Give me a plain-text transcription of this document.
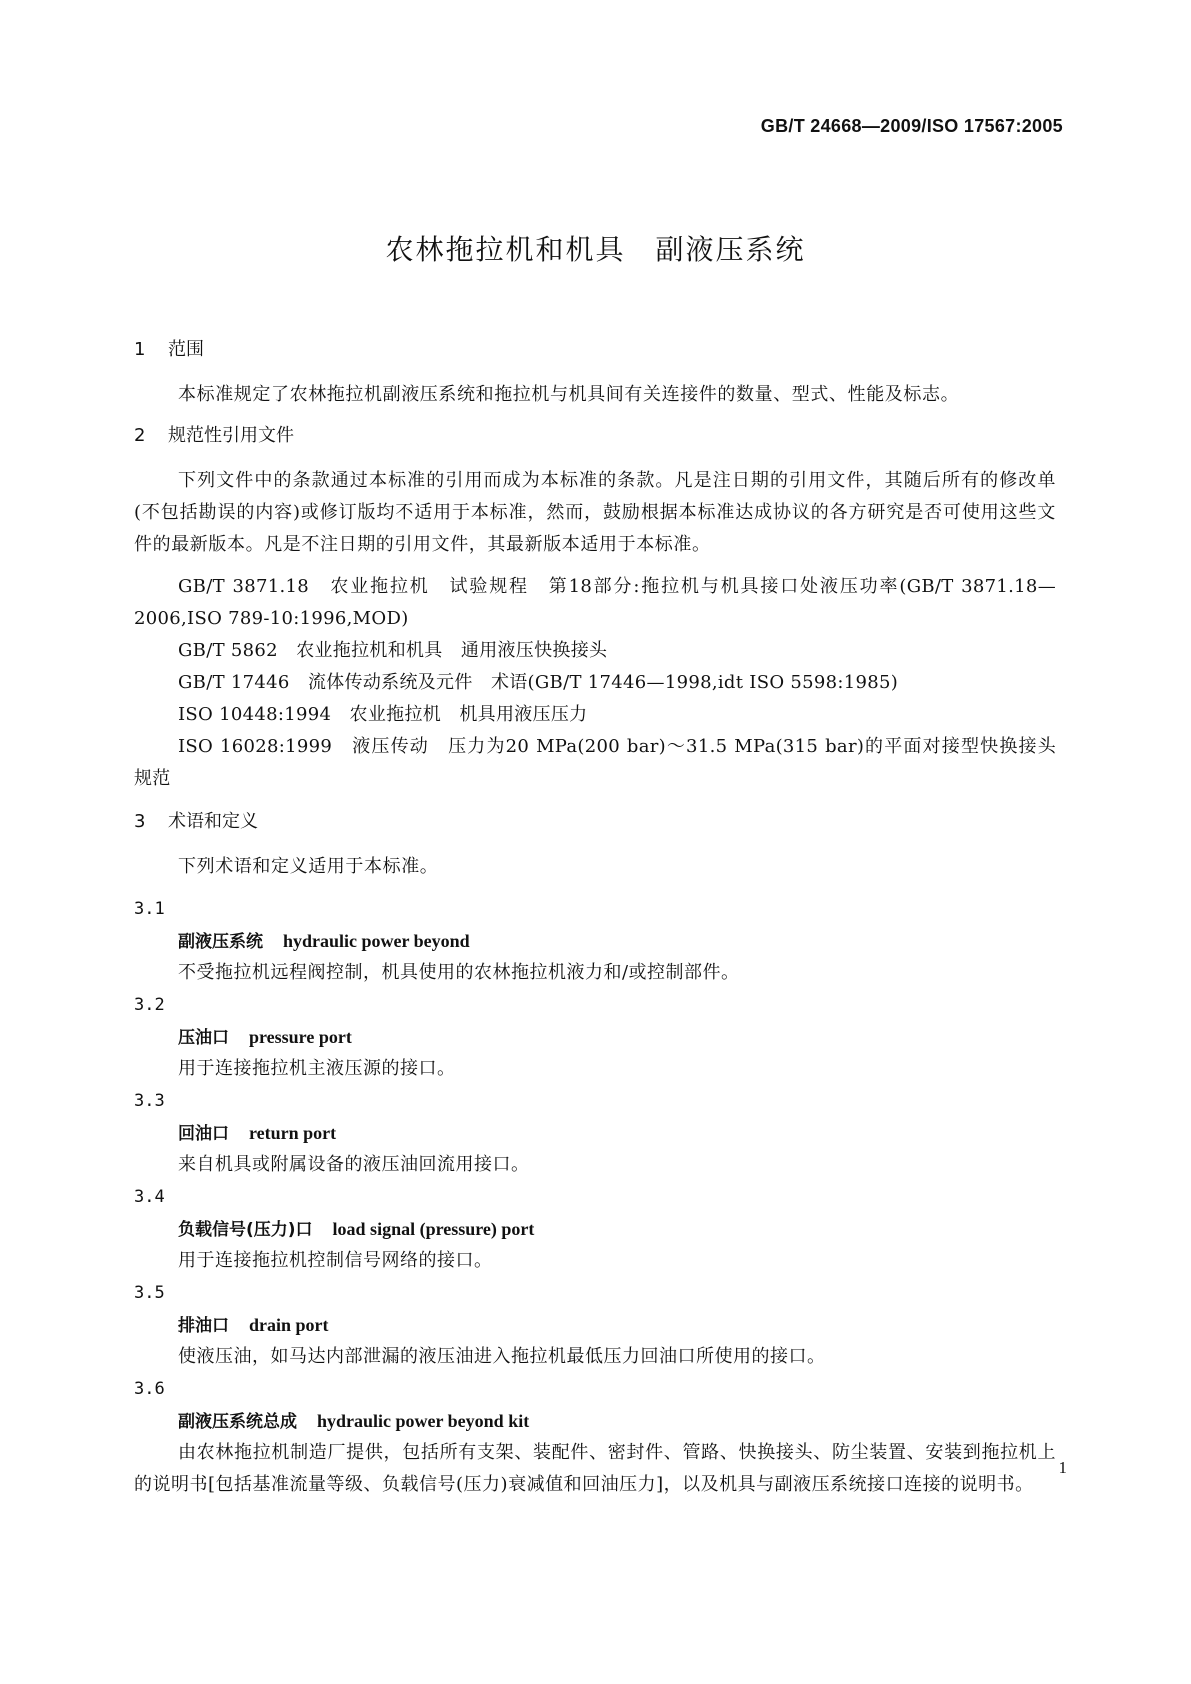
GB/T 24668—2009/ISO 17567:2005
农林拖拉机和机具　副液压系统
1 范围

本标准规定了农林拖拉机副液压系统和拖拉机与机具间有关连接件的数量、型式、性能及标志。

2 规范性引用文件

下列文件中的条款通过本标准的引用而成为本标准的条款。凡是注日期的引用文件，其随后所有的修改单(不包括勘误的内容)或修订版均不适用于本标准，然而，鼓励根据本标准达成协议的各方研究是否可使用这些文件的最新版本。凡是不注日期的引用文件，其最新版本适用于本标准。

GB/T 3871.18　农业拖拉机　试验规程　第18部分:拖拉机与机具接口处液压功率(GB/T 3871.18—2006,ISO 789-10:1996,MOD)

GB/T 5862　农业拖拉机和机具　通用液压快换接头

GB/T 17446　流体传动系统及元件　术语(GB/T 17446—1998,idt ISO 5598:1985)

ISO 10448:1994　农业拖拉机　机具用液压压力

ISO 16028:1999　液压传动　压力为20 MPa(200 bar)～31.5 MPa(315 bar)的平面对接型快换接头　规范

3 术语和定义

下列术语和定义适用于本标准。

3.1
副液压系统 hydraulic power beyond

不受拖拉机远程阀控制，机具使用的农林拖拉机液力和/或控制部件。

3.2
压油口 pressure port

用于连接拖拉机主液压源的接口。

3.3
回油口 return port

来自机具或附属设备的液压油回流用接口。

3.4
负载信号(压力)口 load signal (pressure) port

用于连接拖拉机控制信号网络的接口。

3.5
排油口 drain port

使液压油，如马达内部泄漏的液压油进入拖拉机最低压力回油口所使用的接口。

3.6
副液压系统总成 hydraulic power beyond kit

由农林拖拉机制造厂提供，包括所有支架、装配件、密封件、管路、快换接头、防尘装置、安装到拖拉机上的说明书[包括基准流量等级、负载信号(压力)衰减值和回油压力]，以及机具与副液压系统接口连接的说明书。

1
